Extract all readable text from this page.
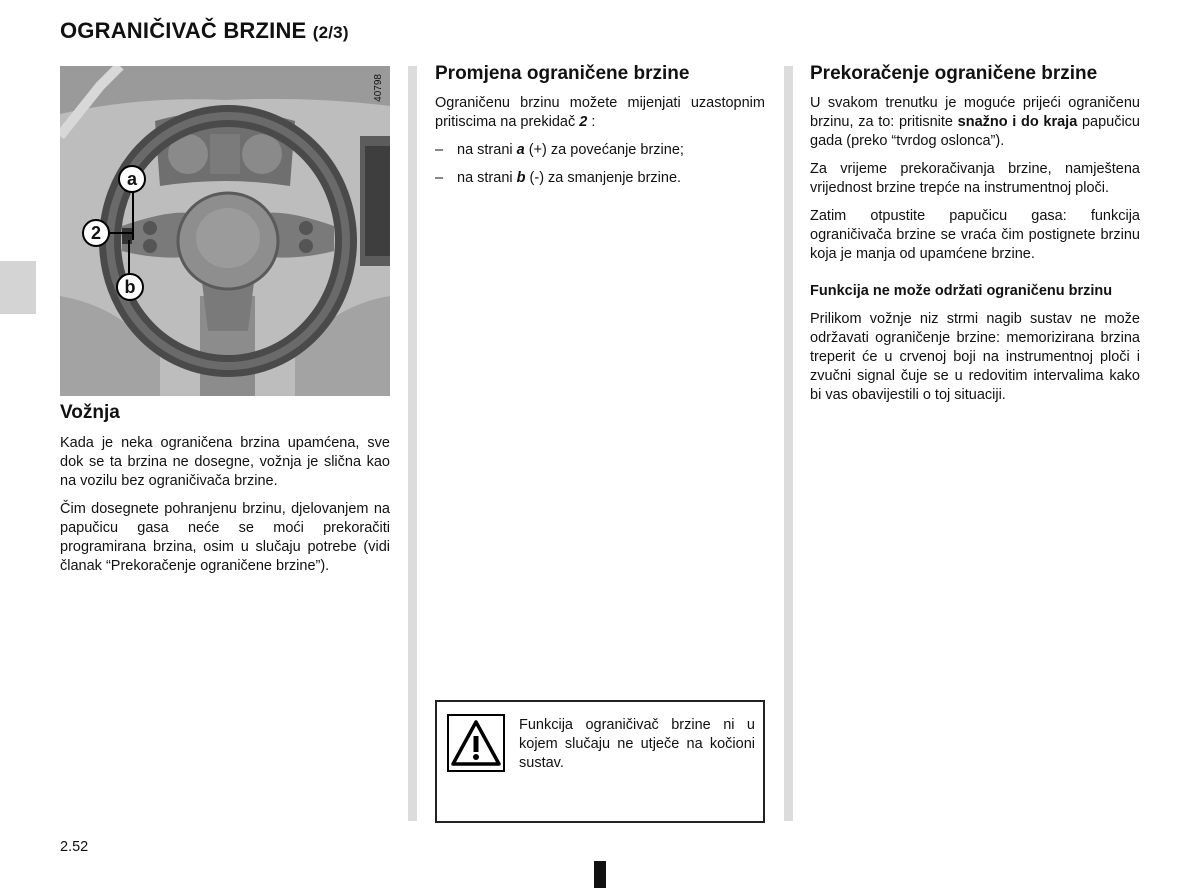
OGRANIČIVAČ BRZINE (2/3)
40798
a
2
b
Vožnja

Kada je neka ograničena brzina upamćena, sve dok se ta brzina ne dosegne, vožnja je slična kao na vozilu bez ograničivača brzine.

Čim dosegnete pohranjenu brzinu, djelovanjem na papučicu gasa neće se moći prekoračiti programirana brzina, osim u slučaju potrebe (vidi članak “Prekoračenje ograničene brzine”).

Promjena ograničene brzine

Ograničenu brzinu možete mijenjati uzastopnim pritiscima na prekidač 2 :

– na strani a (+) za povećanje brzine;

– na strani b (-) za smanjenje brzine.

Funkcija ograničivač brzine ni u kojem slučaju ne utječe na kočioni sustav.
Prekoračenje ograničene brzine

U svakom trenutku je moguće prijeći ograničenu brzinu, za to: pritisnite snažno i do kraja papučicu gada (preko “tvrdog oslonca”).

Za vrijeme prekoračivanja brzine, namještena vrijednost brzine trepće na instrumentnoj ploči.

Zatim otpustite papučicu gasa: funkcija ograničivača brzine se vraća čim postignete brzinu koja je manja od upamćene brzine.

Funkcija ne može održati ograničenu brzinu

Prilikom vožnje niz strmi nagib sustav ne može održavati ograničenje brzine: memorizirana brzina treperit će u crvenoj boji na instrumentnoj ploči i zvučni signal čuje se u redovitim intervalima kako bi vas obavijestili o toj situaciji.

2.52
